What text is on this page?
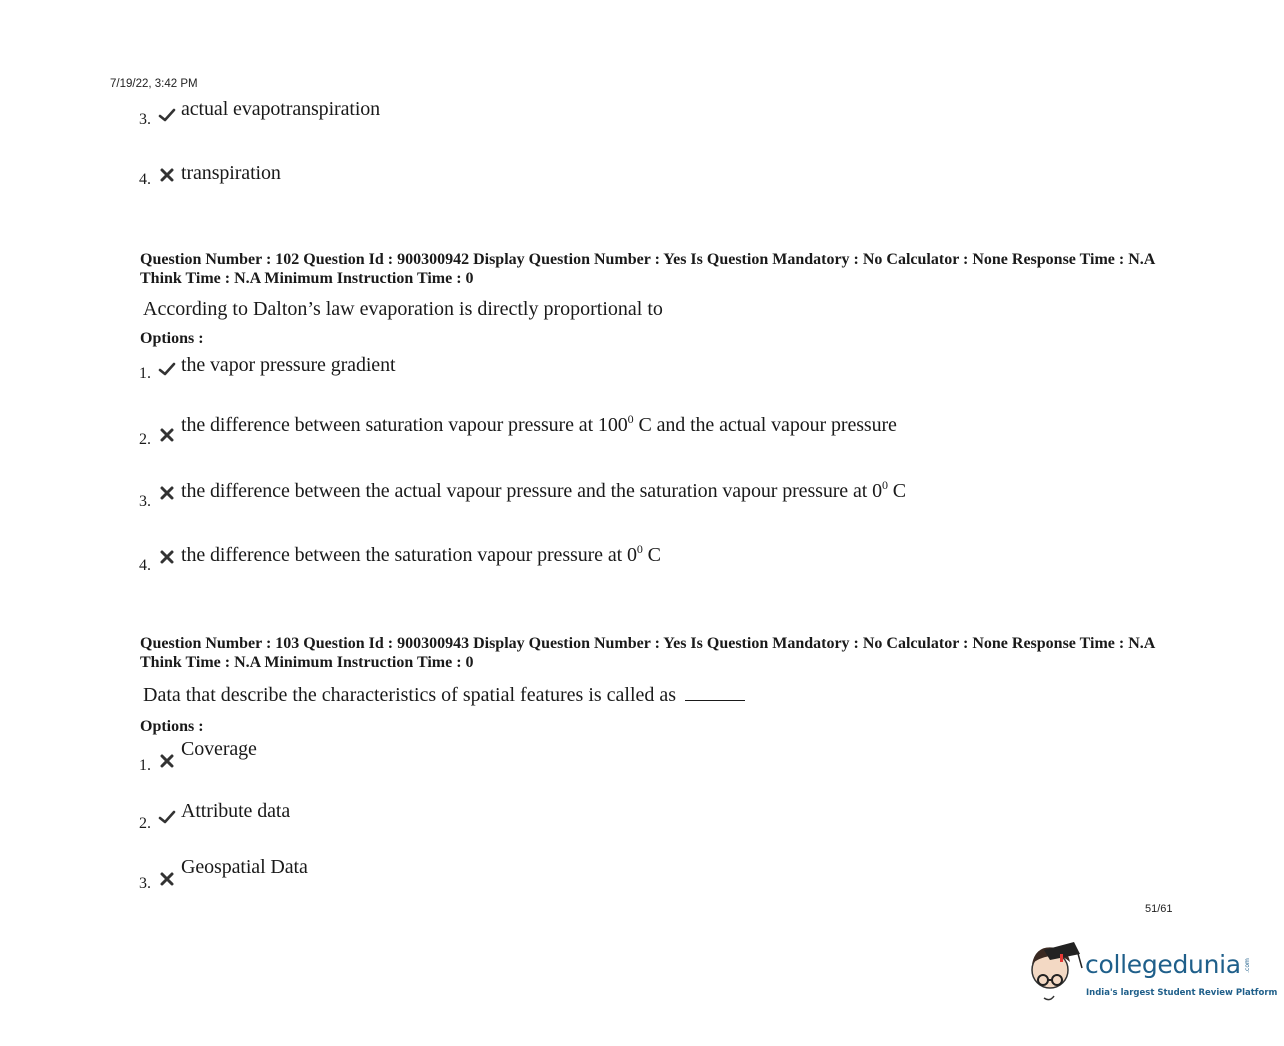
7/19/22, 3:42 PM
3.	actual evapotranspiration
4.	transpiration
Question Number : 102 Question Id : 900300942 Display Question Number : Yes Is Question Mandatory : No Calculator : None Response Time : N.A Think Time : N.A Minimum Instruction Time : 0
According to Dalton’s law evaporation is directly proportional to
Options :
1.	the vapor pressure gradient
2.
the difference between saturation vapour pressure at $100^0$ C and the actual vapour pressure
3.	the difference between the actual vapour pressure and the saturation vapour pressure at $0^0$ C
4.	the difference between the saturation vapour pressure at $0^0$ C
Question Number : 103 Question Id : 900300943 Display Question Number : Yes Is Question Mandatory : No Calculator : None Response Time : N.A Think Time : N.A Minimum Instruction Time : 0
Data that describe the characteristics of spatial features is called as
Options :
1.
Coverage
2.
Attribute data
3.
Geospatial Data
51/61
collegedunia .com
India's largest Student Review Platform
